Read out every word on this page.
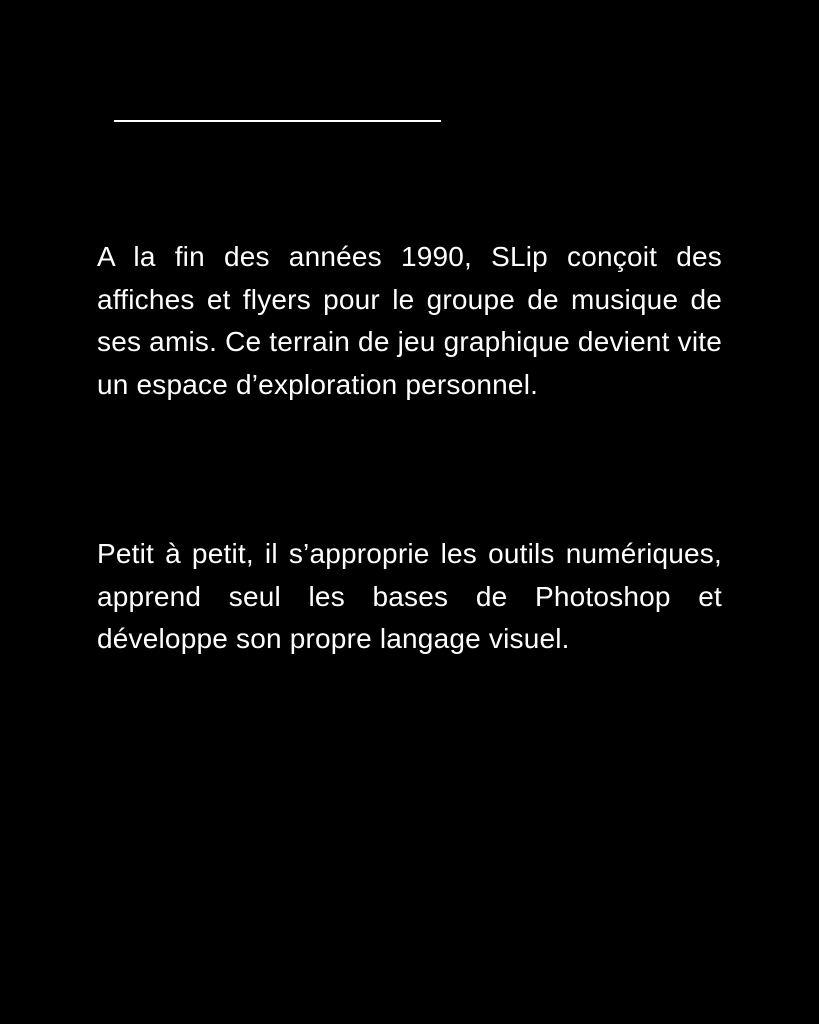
A la fin des années 1990, SLip conçoit des affiches et flyers pour le groupe de musique de ses amis. Ce terrain de jeu graphique devient vite un espace d’exploration personnel.

Petit à petit, il s’approprie les outils numériques, apprend seul les bases de Photoshop et développe son propre langage visuel.
